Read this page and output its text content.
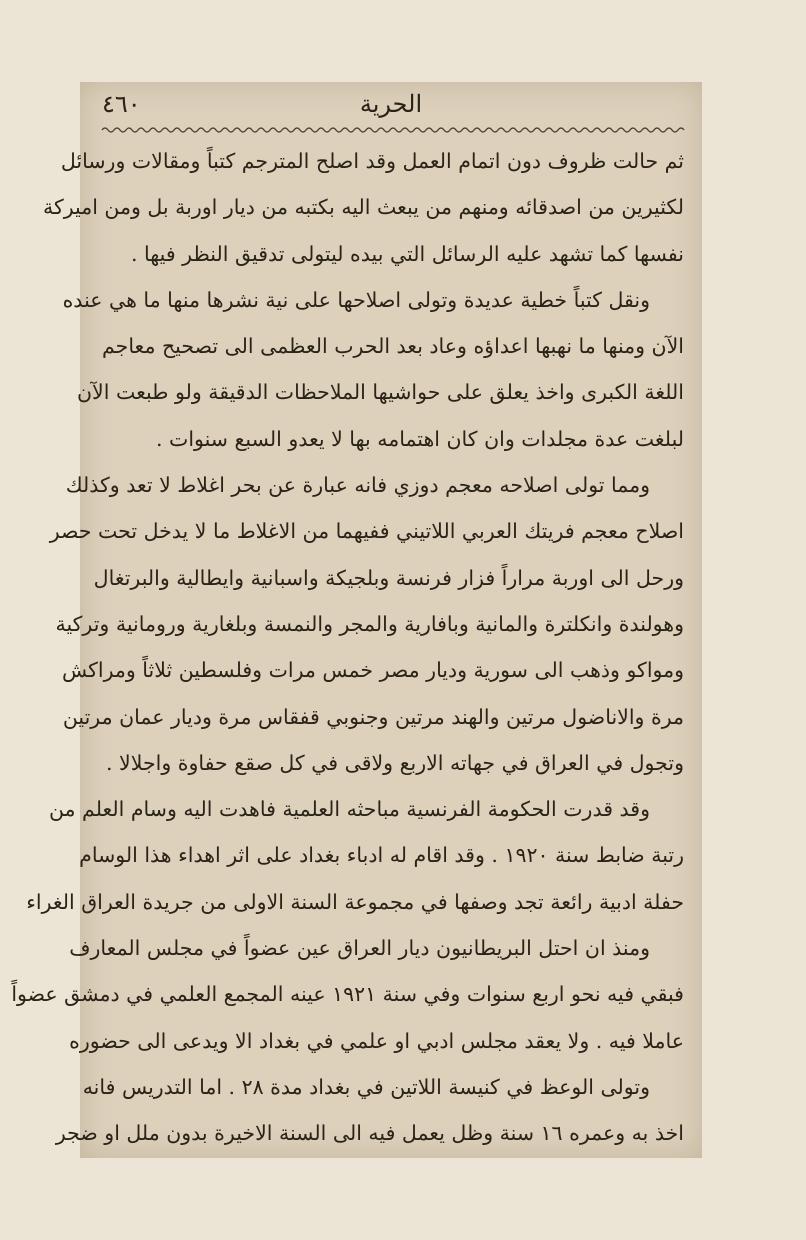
٤٦٠	الحرية
ثم حالت ظروف دون اتمام العمل وقد اصلح المترجم كتباً ومقالات ورسائل
لكثيرين من اصدقائه ومنهم من يبعث اليه بكتبه من ديار اوربة بل ومن اميركة
نفسها كما تشهد عليه الرسائل التي بيده ليتولى تدقيق النظر فيها .
ونقل كتباً خطية عديدة وتولى اصلاحها على نية نشرها منها ما هي عنده
الآن ومنها ما نهبها اعداؤه وعاد بعد الحرب العظمى الى تصحيح معاجم
اللغة الكبرى واخذ يعلق على حواشيها الملاحظات الدقيقة ولو طبعت الآن
لبلغت عدة مجلدات وان كان اهتمامه بها لا يعدو السبع سنوات .
ومما تولى اصلاحه معجم دوزي فانه عبارة عن بحر اغلاط لا تعد وكذلك
اصلاح معجم فريتك العربي اللاتيني ففيهما من الاغلاط ما لا يدخل تحت حصر
ورحل الى اوربة مراراً فزار فرنسة وبلجيكة واسبانية وايطالية والبرتغال
وهولندة وانكلترة والمانية وبافارية والمجر والنمسة وبلغارية ورومانية وتركية
ومواكو وذهب الى سورية وديار مصر خمس مرات وفلسطين ثلاثاً ومراكش
مرة والاناضول مرتين والهند مرتين وجنوبي قفقاس مرة وديار عمان مرتين
وتجول في العراق في جهاته الاربع ولاقى في كل صقع حفاوة واجلالا .
وقد قدرت الحكومة الفرنسية مباحثه العلمية فاهدت اليه وسام العلم من
رتبة ضابط سنة ١٩٢٠ . وقد اقام له ادباء بغداد على اثر اهداء هذا الوسام
حفلة ادبية رائعة تجد وصفها في مجموعة السنة الاولى من جريدة العراق الغراء
ومنذ ان احتل البريطانيون ديار العراق عين عضواً في مجلس المعارف
فبقي فيه نحو اربع سنوات وفي سنة ١٩٢١ عينه المجمع العلمي في دمشق عضواً
عاملا فيه . ولا يعقد مجلس ادبي او علمي في بغداد الا ويدعى الى حضوره
وتولى الوعظ في كنيسة اللاتين في بغداد مدة ٢٨ . اما التدريس فانه
اخذ به وعمره ١٦ سنة وظل يعمل فيه الى السنة الاخيرة بدون ملل او ضجر
